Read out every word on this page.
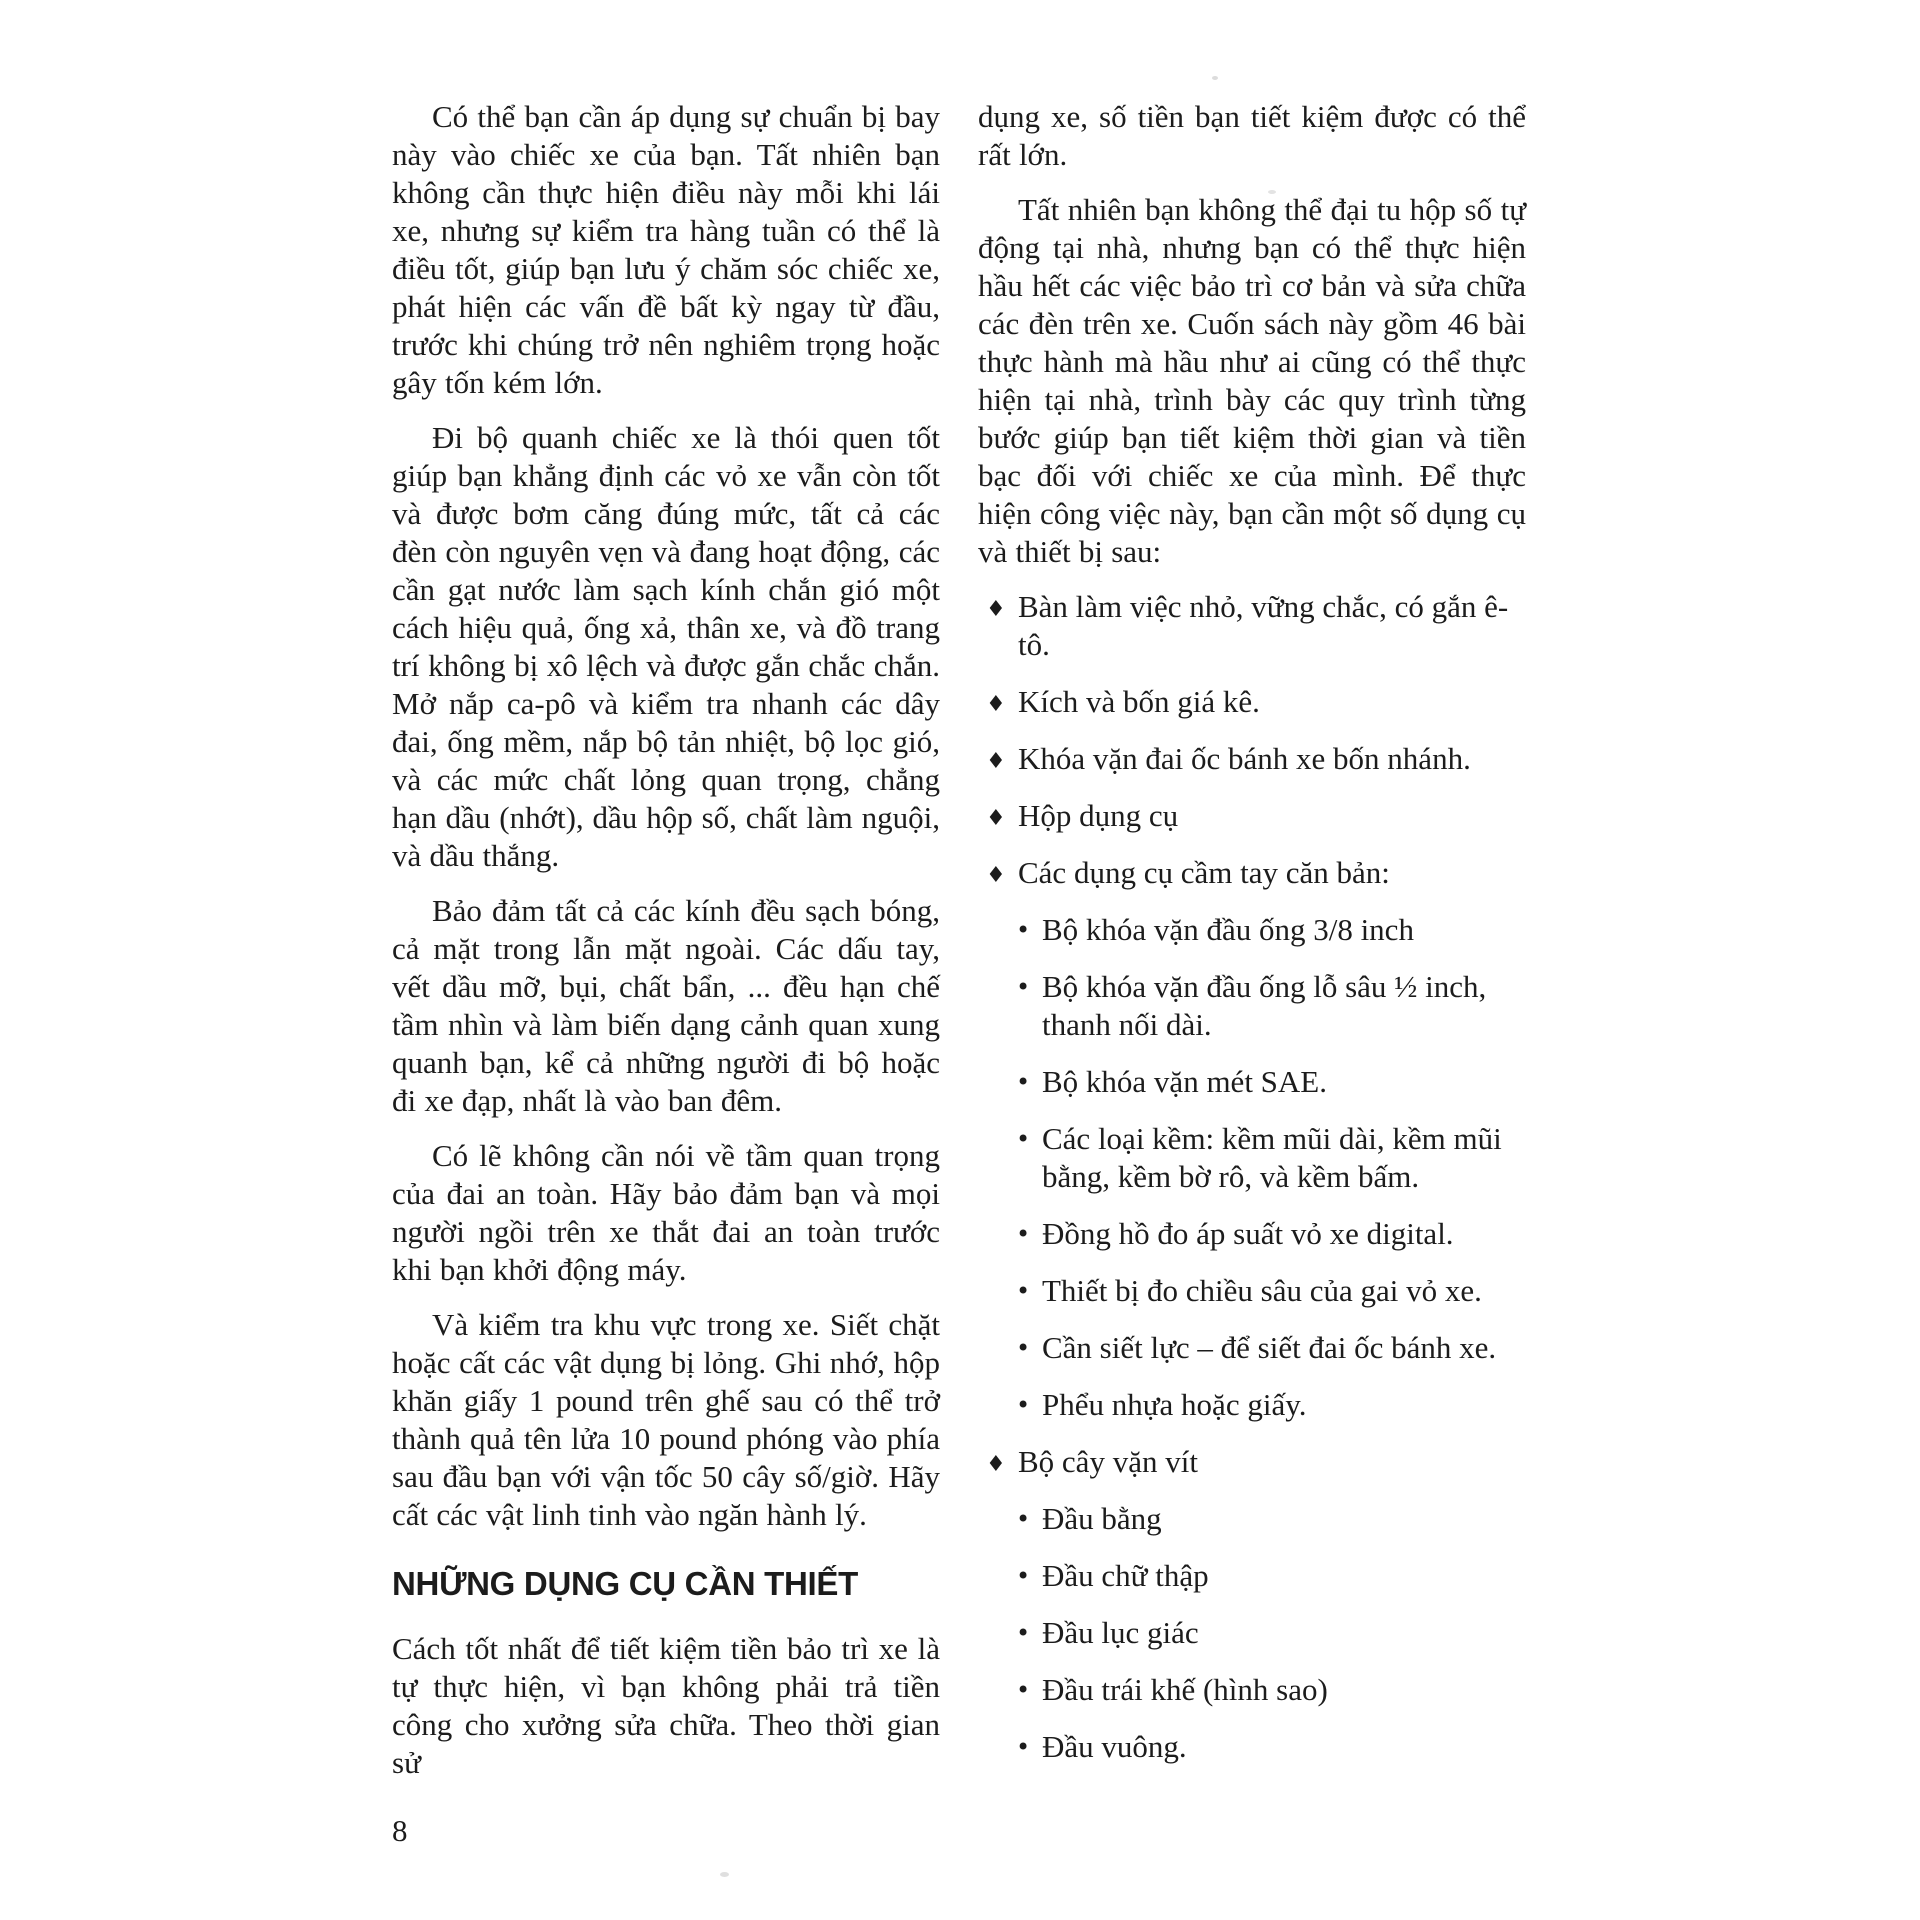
Có thể bạn cần áp dụng sự chuẩn bị bay này vào chiếc xe của bạn. Tất nhiên bạn không cần thực hiện điều này mỗi khi lái xe, nhưng sự kiểm tra hàng tuần có thể là điều tốt, giúp bạn lưu ý chăm sóc chiếc xe, phát hiện các vấn đề bất kỳ ngay từ đầu, trước khi chúng trở nên nghiêm trọng hoặc gây tốn kém lớn.

Đi bộ quanh chiếc xe là thói quen tốt giúp bạn khẳng định các vỏ xe vẫn còn tốt và được bơm căng đúng mức, tất cả các đèn còn nguyên vẹn và đang hoạt động, các cần gạt nước làm sạch kính chắn gió một cách hiệu quả, ống xả, thân xe, và đồ trang trí không bị xô lệch và được gắn chắc chắn. Mở nắp ca-pô và kiểm tra nhanh các dây đai, ống mềm, nắp bộ tản nhiệt, bộ lọc gió, và các mức chất lỏng quan trọng, chẳng hạn dầu (nhớt), dầu hộp số, chất làm nguội, và dầu thắng.

Bảo đảm tất cả các kính đều sạch bóng, cả mặt trong lẫn mặt ngoài. Các dấu tay, vết dầu mỡ, bụi, chất bẩn, ... đều hạn chế tầm nhìn và làm biến dạng cảnh quan xung quanh bạn, kể cả những người đi bộ hoặc đi xe đạp, nhất là vào ban đêm.

Có lẽ không cần nói về tầm quan trọng của đai an toàn. Hãy bảo đảm bạn và mọi người ngồi trên xe thắt đai an toàn trước khi bạn khởi động máy.

Và kiểm tra khu vực trong xe. Siết chặt hoặc cất các vật dụng bị lỏng. Ghi nhớ, hộp khăn giấy 1 pound trên ghế sau có thể trở thành quả tên lửa 10 pound phóng vào phía sau đầu bạn với vận tốc 50 cây số/giờ. Hãy cất các vật linh tinh vào ngăn hành lý.

NHỮNG DỤNG CỤ CẦN THIẾT

Cách tốt nhất để tiết kiệm tiền bảo trì xe là tự thực hiện, vì bạn không phải trả tiền công cho xưởng sửa chữa. Theo thời gian sử

dụng xe, số tiền bạn tiết kiệm được có thể rất lớn.

Tất nhiên bạn không thể đại tu hộp số tự động tại nhà, nhưng bạn có thể thực hiện hầu hết các việc bảo trì cơ bản và sửa chữa các đèn trên xe. Cuốn sách này gồm 46 bài thực hành mà hầu như ai cũng có thể thực hiện tại nhà, trình bày các quy trình từng bước giúp bạn tiết kiệm thời gian và tiền bạc đối với chiếc xe của mình. Để thực hiện công việc này, bạn cần một số dụng cụ và thiết bị sau:

♦ Bàn làm việc nhỏ, vững chắc, có gắn ê-tô.
♦ Kích và bốn giá kê.
♦ Khóa vặn đai ốc bánh xe bốn nhánh.
♦ Hộp dụng cụ
♦ Các dụng cụ cầm tay căn bản:
• Bộ khóa vặn đầu ống 3/8 inch
• Bộ khóa vặn đầu ống lỗ sâu ½ inch, thanh nối dài.
• Bộ khóa vặn mét SAE.
• Các loại kềm: kềm mũi dài, kềm mũi bằng, kềm bờ rô, và kềm bấm.
• Đồng hồ đo áp suất vỏ xe digital.
• Thiết bị đo chiều sâu của gai vỏ xe.
• Cần siết lực – để siết đai ốc bánh xe.
• Phểu nhựa hoặc giấy.
♦ Bộ cây vặn vít
• Đầu bằng
• Đầu chữ thập
• Đầu lục giác
• Đầu trái khế (hình sao)
• Đầu vuông.
8
